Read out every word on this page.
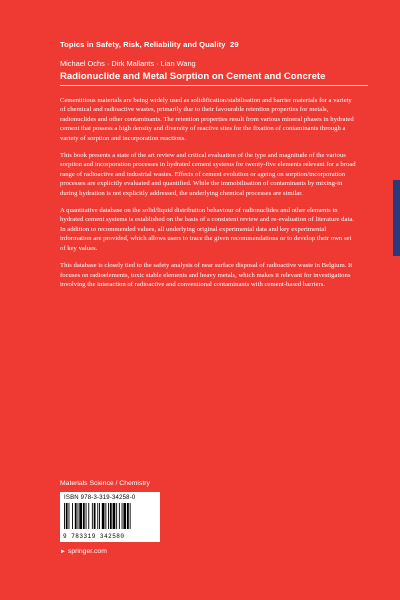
Topics in Safety, Risk, Reliability and Quality 29

Michael Ochs · Dirk Mallants · Lian Wang

Radionuclide and Metal Sorption on Cement and Concrete

Cementitious materials are being widely used as solidification/stabilisation and barrier materials for a variety of chemical and radioactive wastes, primarily due to their favourable retention properties for metals, radionuclides and other contaminants. The retention properties result from various mineral phases in hydrated cement that possess a high density and diversity of reactive sites for the fixation of contaminants through a variety of sorption and incorporation reactions.

This book presents a state of the art review and critical evaluation of the type and magnitude of the various sorption and incorporation processes in hydrated cement systems for twenty-five elements relevant for a broad range of radioactive and industrial wastes. Effects of cement evolution or ageing on sorption/incorporation processes are explicitly evaluated and quantified. While the immobilisation of contaminants by mixing-in during hydration is not explicitly addressed, the underlying chemical processes are similar.

A quantitative database on the solid/liquid distribution behaviour of radionuclides and other elements in hydrated cement systems is established on the basis of a consistent review and re-evaluation of literature data. In addition to recommended values, all underlying original experimental data and key experimental information are provided, which allows users to trace the given recommendations or to develop their own set of key values.

This database is closely tied to the safety analysis of near surface disposal of radioactive waste in Belgium. It focuses on radioelements, toxic stable elements and heavy metals, which makes it relevant for investigations involving the interaction of radioactive and conventional contaminants with cement-based barriers.

Materials Science / Chemistry
ISBN 978-3-319-34258-0
9 783319 342580
► springer.com
